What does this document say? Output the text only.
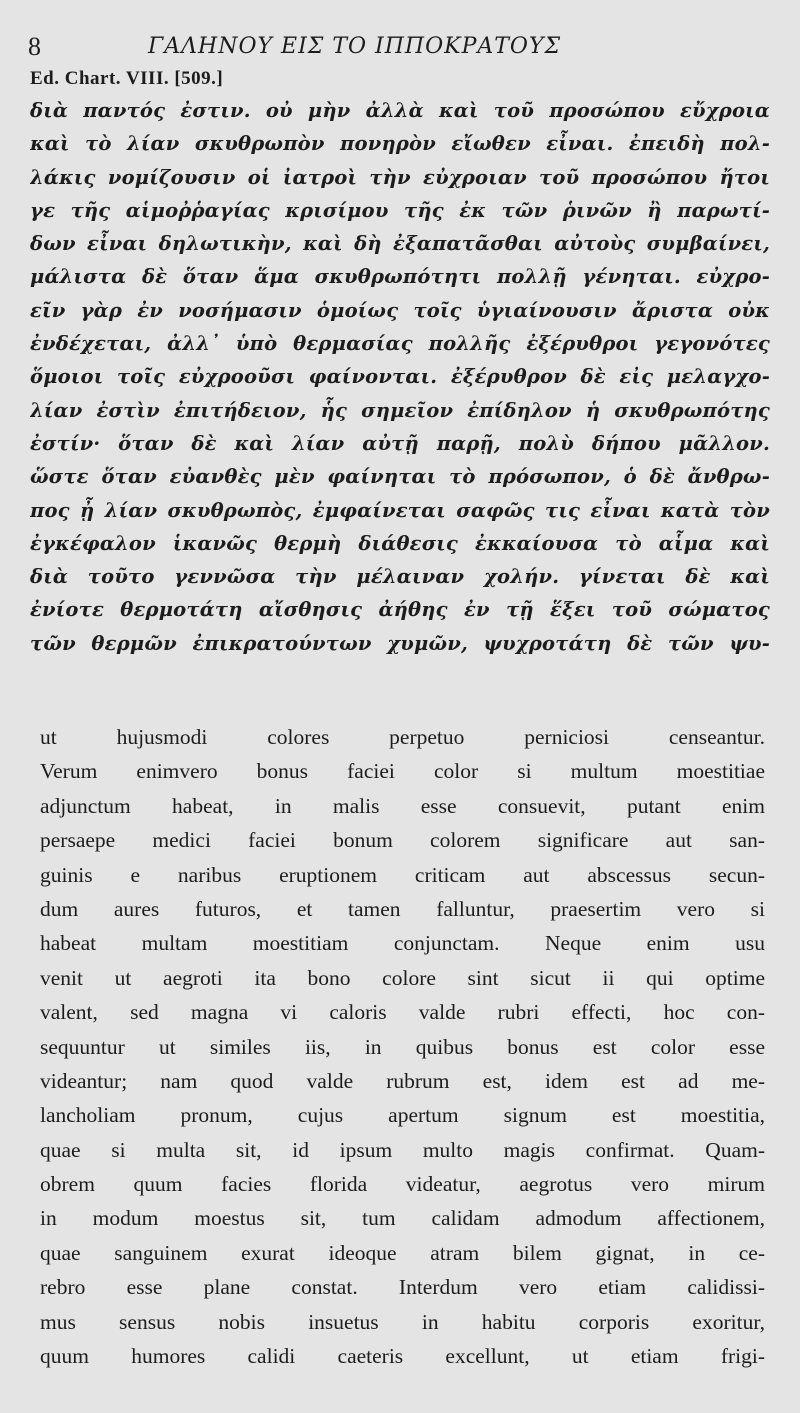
8	ΓΑΛΗΝΟΥ ΕΙΣ ΤΟ ΙΠΠΟΚΡΑΤΟΥΣ
Ed. Chart. VIII. [509.]
διὰ παντός ἐστιν. οὐ μὴν ἀλλὰ καὶ τοῦ προσώπου εὔχροια
καὶ τὸ λίαν σκυθρωπὸν πονηρὸν εἴωθεν εἶναι. ἐπειδὴ πολ-
λάκις νομίζουσιν οἱ ἰατροὶ τὴν εὐχροιαν τοῦ προσώπου ἤτοι
γε τῆς αἱμοῤῥαγίας κρισίμου τῆς ἐκ τῶν ῥινῶν ἢ παρωτί-
δων εἶναι δηλωτικὴν, καὶ δὴ ἐξαπατᾶσθαι αὐτοὺς συμβαίνει,
μάλιστα δὲ ὅταν ἅμα σκυθρωπότητι πολλῇ γένηται. εὐχρο-
εῖν γὰρ ἐν νοσήμασιν ὁμοίως τοῖς ὑγιαίνουσιν ἄριστα οὐκ
ἐνδέχεται, ἀλλ᾽ ὑπὸ θερμασίας πολλῆς ἐξέρυθροι γεγονότες
ὅμοιοι τοῖς εὐχροοῦσι φαίνονται. ἐξέρυθρον δὲ εἰς μελαγχο-
λίαν ἐστὶν ἐπιτήδειον, ἧς σημεῖον ἐπίδηλον ἡ σκυθρωπότης
ἐστίν· ὅταν δὲ καὶ λίαν αὐτῇ παρῇ, πολὺ δήπου μᾶλλον.
ὥστε ὅταν εὐανθὲς μὲν φαίνηται τὸ πρόσωπον, ὁ δὲ ἄνθρω-
πος ᾖ λίαν σκυθρωπὸς, ἐμφαίνεται σαφῶς τις εἶναι κατὰ τὸν
ἐγκέφαλον ἱκανῶς θερμὴ διάθεσις ἐκκαίουσα τὸ αἷμα καὶ
διὰ τοῦτο γεννῶσα τὴν μέλαιναν χολήν. γίνεται δὲ καὶ
ἐνίοτε θερμοτάτη αἴσθησις ἀήθης ἐν τῇ ἕξει τοῦ σώματος
τῶν θερμῶν ἐπικρατούντων χυμῶν, ψυχροτάτη δὲ τῶν ψυ-
ut hujusmodi colores perpetuo perniciosi censeantur.
Verum enimvero bonus faciei color si multum moestitiae
adjunctum habeat, in malis esse consuevit, putant enim
persaepe medici faciei bonum colorem significare aut san-
guinis e naribus eruptionem criticam aut abscessus secun-
dum aures futuros, et tamen falluntur, praesertim vero si
habeat multam moestitiam conjunctam. Neque enim usu
venit ut aegroti ita bono colore sint sicut ii qui optime
valent, sed magna vi caloris valde rubri effecti, hoc con-
sequuntur ut similes iis, in quibus bonus est color esse
videantur; nam quod valde rubrum est, idem est ad me-
lancholiam pronum, cujus apertum signum est moestitia,
quae si multa sit, id ipsum multo magis confirmat. Quam-
obrem quum facies florida videatur, aegrotus vero mirum
in modum moestus sit, tum calidam admodum affectionem,
quae sanguinem exurat ideoque atram bilem gignat, in ce-
rebro esse plane constat. Interdum vero etiam calidissi-
mus sensus nobis insuetus in habitu corporis exoritur,
quum humores calidi caeteris excellunt, ut etiam frigi-
